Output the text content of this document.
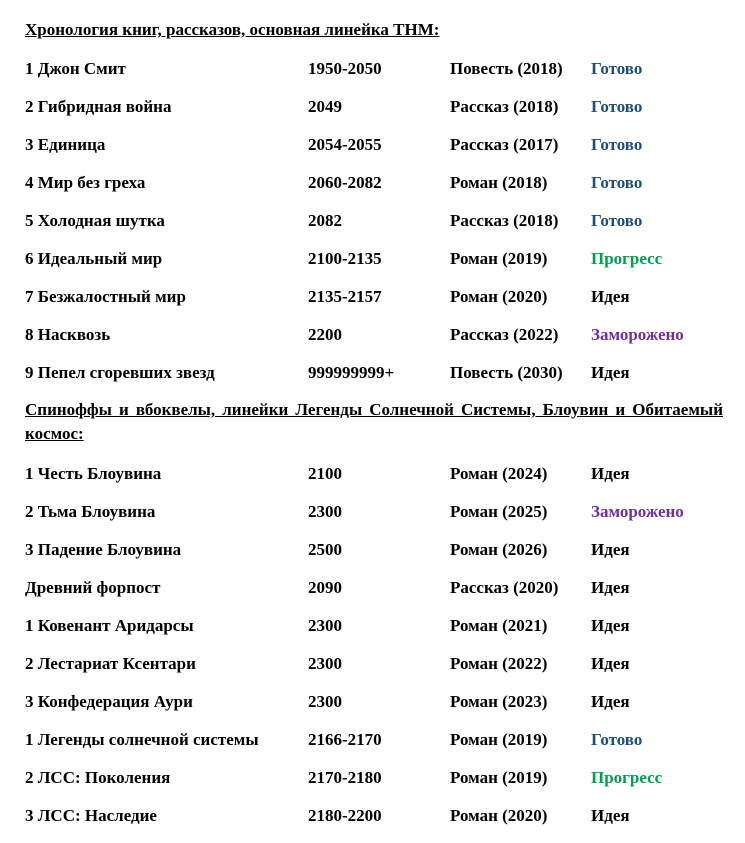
Хронология книг, рассказов, основная линейка ТНМ:
1 Джон Смит	1950-2050	Повесть (2018) Готово
2 Гибридная война	2049	Рассказ (2018) Готово
3 Единица	2054-2055	Рассказ (2017) Готово
4 Мир без греха	2060-2082	Роман (2018)	Готово
5 Холодная шутка	2082	Рассказ (2018) Готово
6 Идеальный мир	2100-2135	Роман (2019)	Прогресс
7 Безжалостный мир	2135-2157	Роман (2020)	Идея
8 Насквозь	2200	Рассказ (2022) Заморожено
9 Пепел сгоревших звезд	999999999+	Повесть (2030) Идея
Спиноффы и вбоквелы, линейки Легенды Солнечной Системы, Блоувин и Обитаемый космос:
1 Честь Блоувина	2100	Роман (2024)	Идея
2 Тьма Блоувина	2300	Роман (2025)	Заморожено
3 Падение Блоувина	2500	Роман (2026)	Идея
Древний форпост	2090	Рассказ (2020) Идея
1 Ковенант Аридарсы	2300	Роман (2021)	Идея
2 Лестариат Ксентари	2300	Роман (2022)	Идея
3 Конфедерация Аури	2300	Роман (2023)	Идея
1 Легенды солнечной системы	2166-2170	Роман (2019)	Готово
2 ЛСС: Поколения	2170-2180	Роман (2019)	Прогресс
3 ЛСС: Наследие	2180-2200	Роман (2020)	Идея
